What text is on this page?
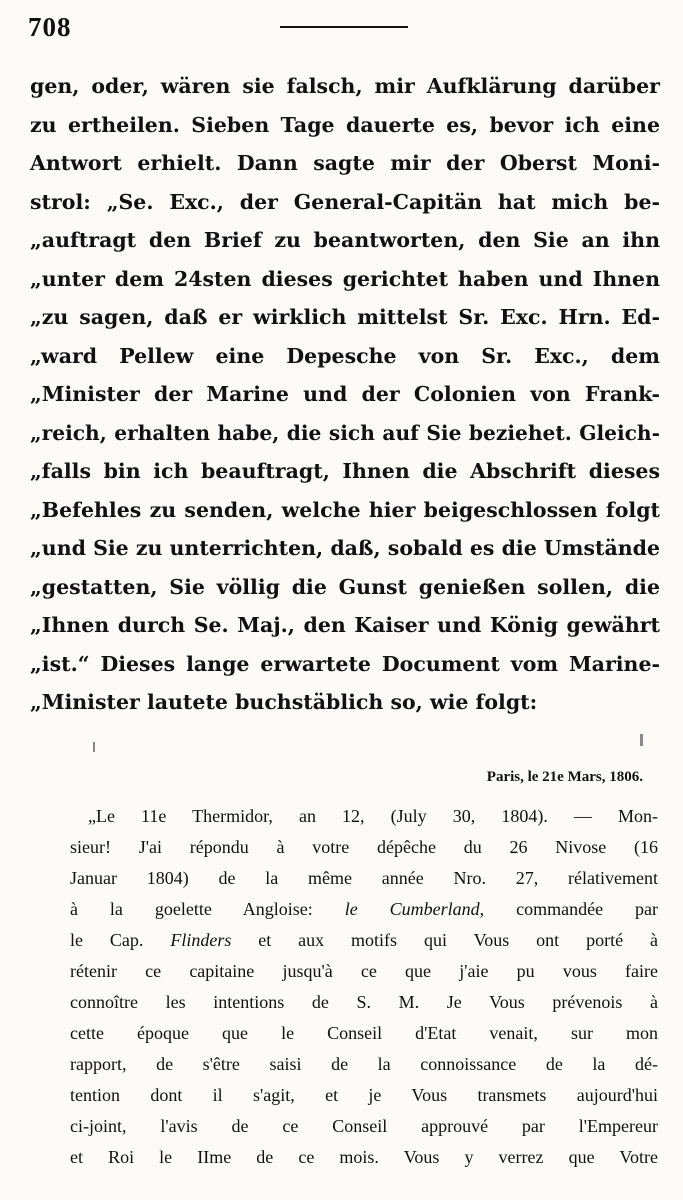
708
gen, oder, wären sie falsch, mir Aufklärung darüber
zu ertheilen. Sieben Tage dauerte es, bevor ich eine
Antwort erhielt. Dann sagte mir der Oberst Moni-
strol: „Se. Exc., der General-Capitän hat mich be-
„auftragt den Brief zu beantworten, den Sie an ihn
„unter dem 24sten dieses gerichtet haben und Ihnen
„zu sagen, daß er wirklich mittelst Sr. Exc. Hrn. Ed-
„ward Pellew eine Depesche von Sr. Exc., dem
„Minister der Marine und der Colonien von Frank-
„reich, erhalten habe, die sich auf Sie beziehet. Gleich-
„falls bin ich beauftragt, Ihnen die Abschrift dieses
„Befehles zu senden, welche hier beigeschlossen folgt
„und Sie zu unterrichten, daß, sobald es die Umstände
„gestatten, Sie völlig die Gunst genießen sollen, die
„Ihnen durch Se. Maj., den Kaiser und König gewährt
„ist.“ Dieses lange erwartete Document vom Marine-
„Minister lautete buchstäblich so, wie folgt:
Paris, le 21e Mars, 1806.
„Le 11e Thermidor, an 12, (July 30, 1804). — Mon-
sieur! J'ai répondu à votre dépêche du 26 Nivose (16
Januar 1804) de la même année Nro. 27, rélativement
à la goelette Angloise: le Cumberland, commandée par
le Cap. Flinders et aux motifs qui Vous ont porté à
rétenir ce capitaine jusqu'à ce que j'aie pu vous faire
connoître les intentions de S. M. Je Vous prévenois à
cette époque que le Conseil d'Etat venait, sur mon
rapport, de s'être saisi de la connoissance de la dé-
tention dont il s'agit, et je Vous transmets aujourd'hui
ci-joint, l'avis de ce Conseil approuvé par l'Empereur
et Roi le IIme de ce mois. Vous y verrez que Votre
